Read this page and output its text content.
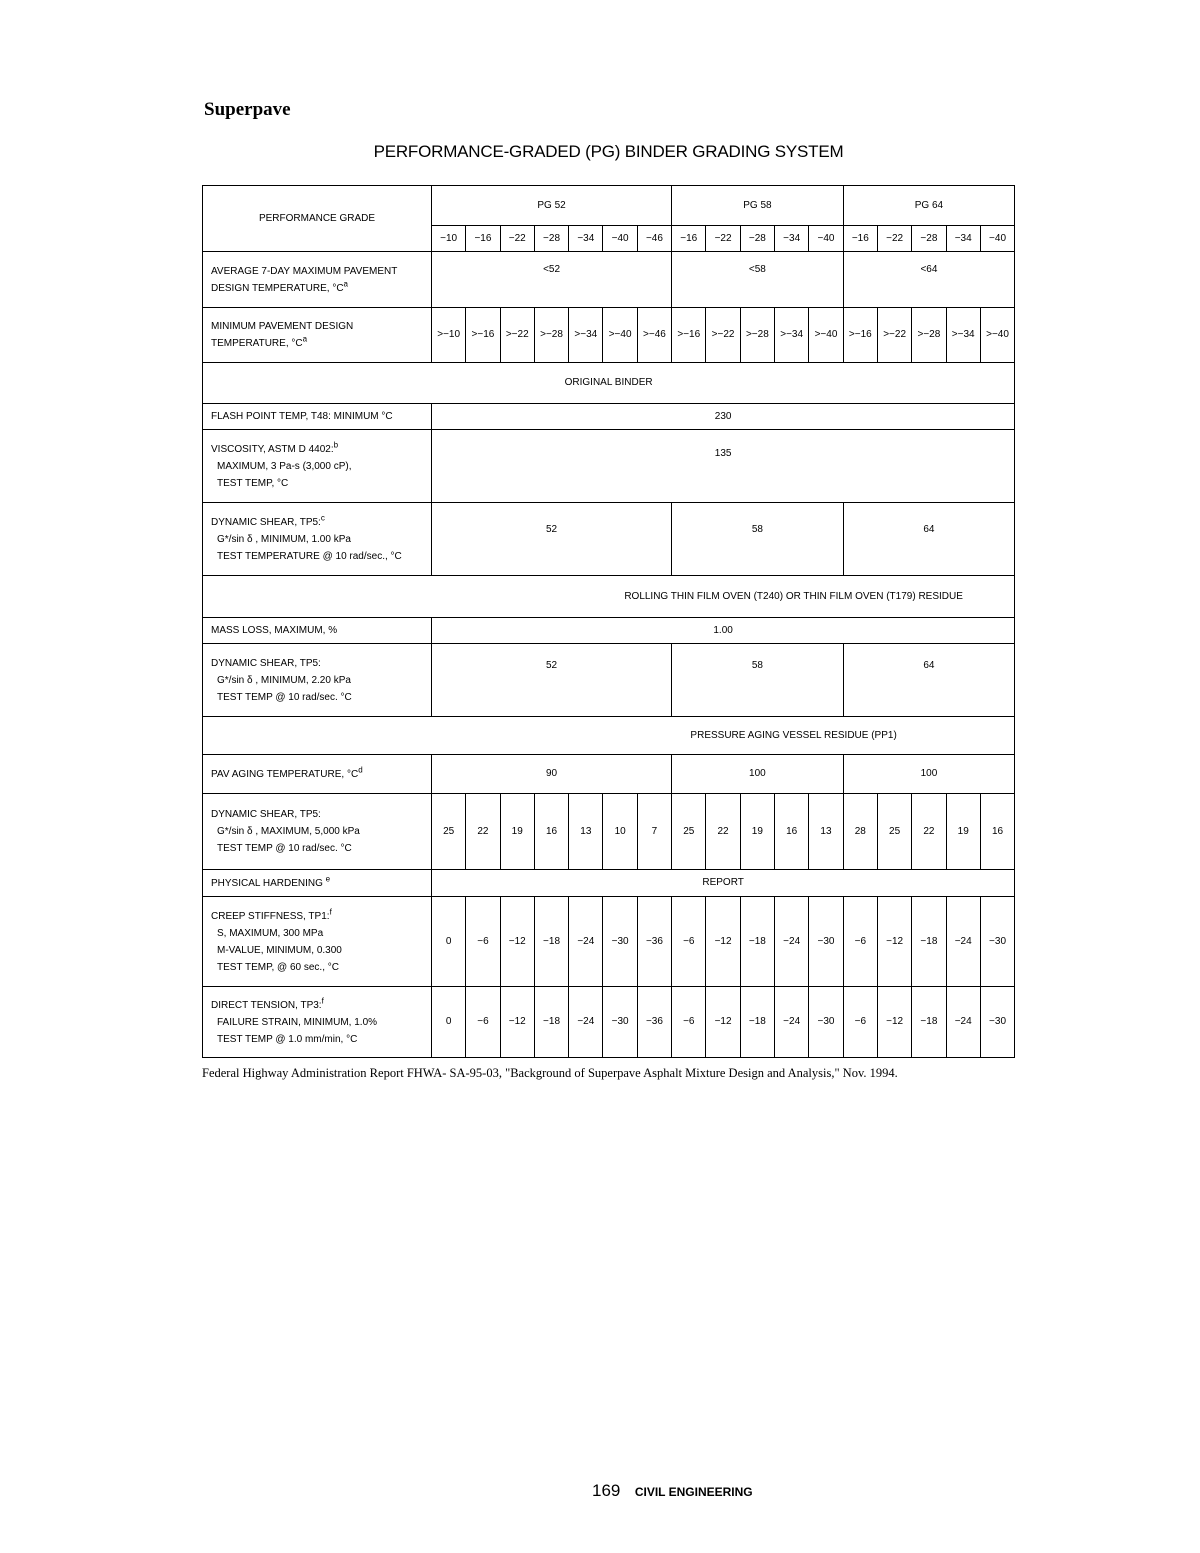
Superpave
PERFORMANCE-GRADED (PG) BINDER GRADING SYSTEM
PERFORMANCE GRADE	PG 52							PG 58					PG 64				
	−10	−16	−22	−28	−34	−40	−46	−16	−22	−28	−34	−40	−16	−22	−28	−34	−40

AVERAGE 7-DAY MAXIMUM PAVEMENT
DESIGN TEMPERATURE, $^\circ C^a$	<52							<58					<64				

MINIMUM PAVEMENT DESIGN
TEMPERATURE, $^\circ C^a$	>−10	>−16	>−22	>−28	>−34	>−40	>−46	>−16	>−22	>−28	>−34	>−40	>−16	>−22	>−28	>−34	>−40
ORIGINAL BINDER																	
FLASH POINT TEMP, T48: MINIMUM °C	230																

VISCOSITY, ASTM D 4402:$^b$
MAXIMUM, 3 Pa-s (3,000 cP),
TEST TEMP, °C	135																

DYNAMIC SHEAR, TP5:$^c$
G*/sin δ , MINIMUM, 1.00 kPa
TEST TEMPERATURE @ 10 rad/sec., °C	52							58					64				
ROLLING THIN FILM OVEN (T240) OR THIN FILM OVEN (T179) RESIDUE																	
MASS LOSS, MAXIMUM, %	1.00																

DYNAMIC SHEAR, TP5:
G*/sin δ , MINIMUM, 2.20 kPa
TEST TEMP @ 10 rad/sec. °C	52							58					64				
PRESSURE AGING VESSEL RESIDUE (PP1)																	
PAV AGING TEMPERATURE, $^\circ C^d$	90							100					100				

DYNAMIC SHEAR, TP5:
G*/sin δ , MAXIMUM, 5,000 kPa
TEST TEMP @ 10 rad/sec. °C	25	22	19	16	13	10	7	25	22	19	16	13	28	25	22	19	16
PHYSICAL HARDENING $^e$	REPORT																

CREEP STIFFNESS, TP1:$^f$
S, MAXIMUM, 300 MPa
M-VALUE, MINIMUM, 0.300
TEST TEMP, @ 60 sec., °C	0	−6	−12	−18	−24	−30	−36	−6	−12	−18	−24	−30	−6	−12	−18	−24	−30

DIRECT TENSION, TP3:$^f$
FAILURE STRAIN, MINIMUM, 1.0%
TEST TEMP @ 1.0 mm/min, °C	0	−6	−12	−18	−24	−30	−36	−6	−12	−18	−24	−30	−6	−12	−18	−24	−30
Federal Highway Administration Report FHWA- SA-95-03, "Background of Superpave Asphalt Mixture Design and Analysis," Nov. 1994.
169 CIVIL ENGINEERING
